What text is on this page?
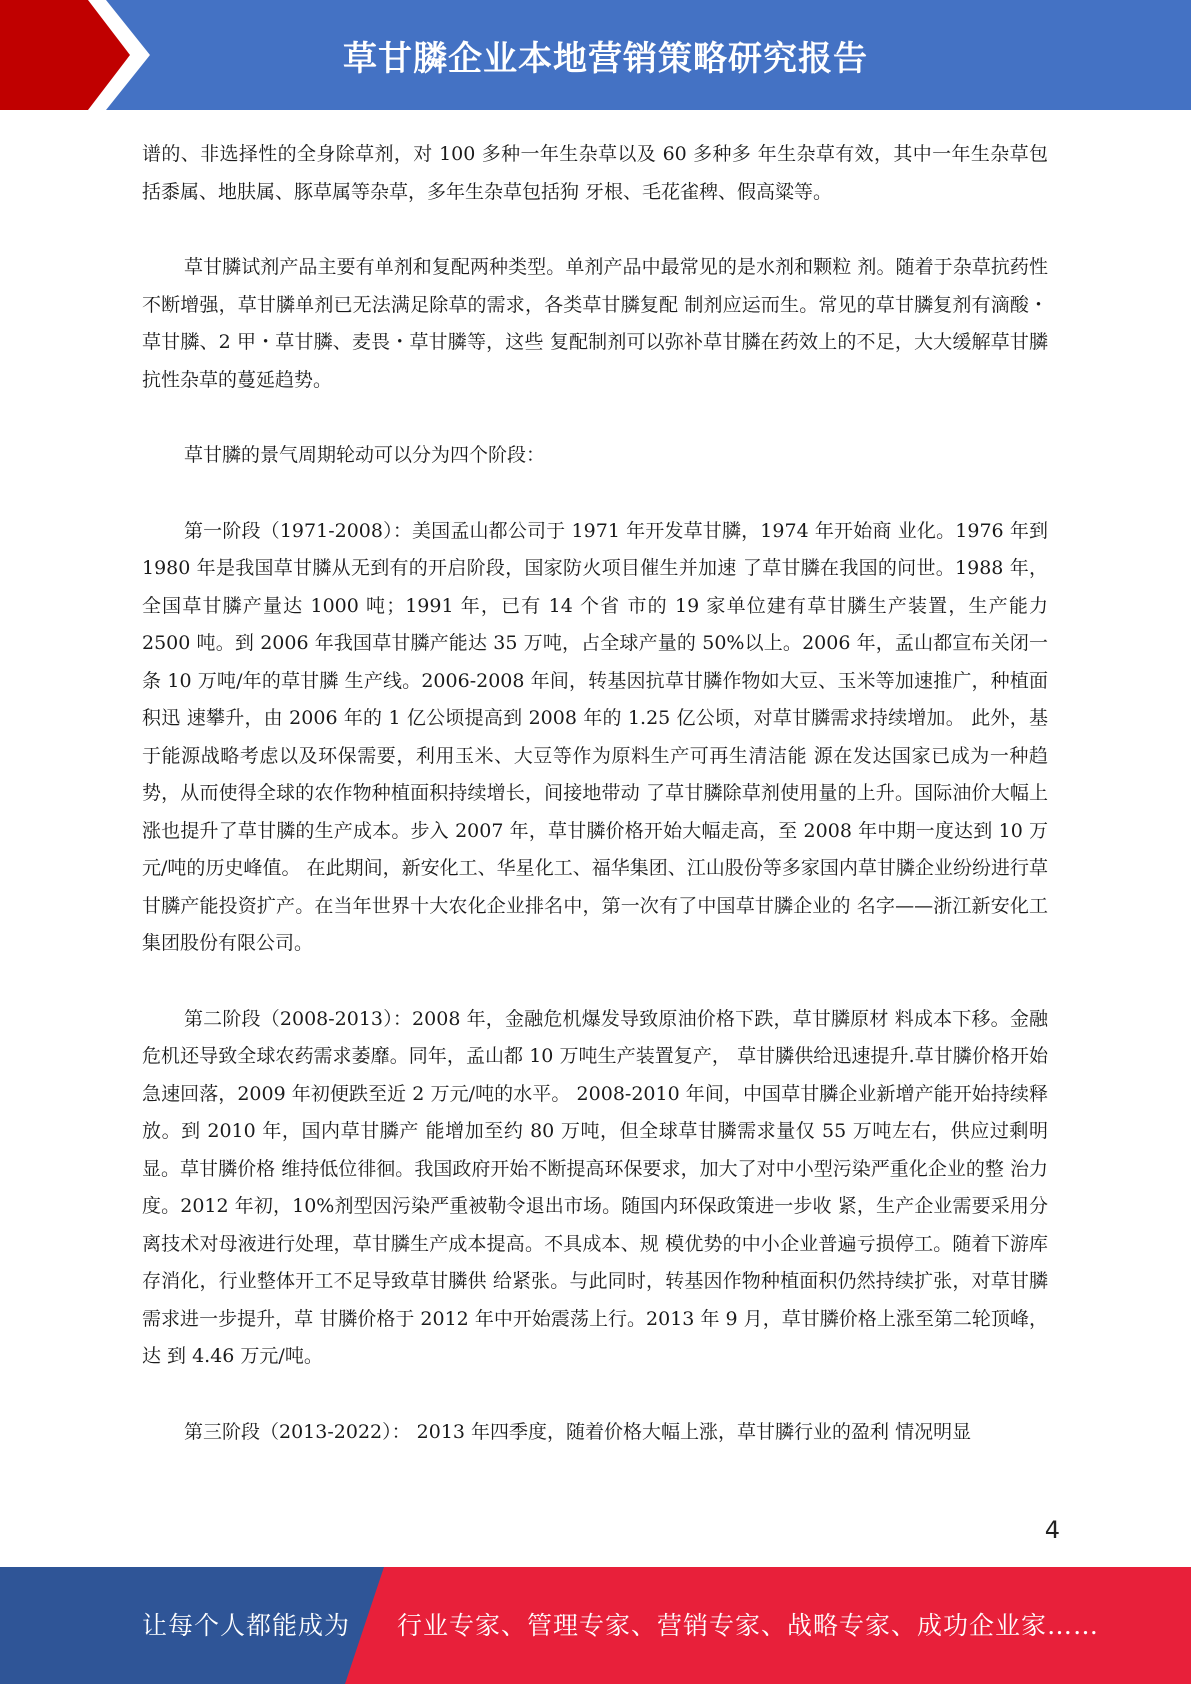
草甘膦企业本地营销策略研究报告

谱的、非选择性的全身除草剂，对 100 多种一年生杂草以及 60 多种多 年生杂草有效，其中一年生杂草包括黍属、地肤属、豚草属等杂草，多年生杂草包括狗 牙根、毛花雀稗、假高粱等。

草甘膦试剂产品主要有单剂和复配两种类型。单剂产品中最常见的是水剂和颗粒 剂。随着于杂草抗药性不断增强，草甘膦单剂已无法满足除草的需求，各类草甘膦复配 制剂应运而生。常见的草甘膦复剂有滴酸・草甘膦、2 甲・草甘膦、麦畏・草甘膦等，这些 复配制剂可以弥补草甘膦在药效上的不足，大大缓解草甘膦抗性杂草的蔓延趋势。

草甘膦的景气周期轮动可以分为四个阶段：

第一阶段（1971-2008）：美国孟山都公司于 1971 年开发草甘膦，1974 年开始商 业化。1976 年到 1980 年是我国草甘膦从无到有的开启阶段，国家防火项目催生并加速 了草甘膦在我国的问世。1988 年，全国草甘膦产量达 1000 吨；1991 年，已有 14 个省 市的 19 家单位建有草甘膦生产装置，生产能力 2500 吨。到 2006 年我国草甘膦产能达 35 万吨，占全球产量的 50%以上。2006 年，孟山都宣布关闭一条 10 万吨/年的草甘膦 生产线。2006-2008 年间，转基因抗草甘膦作物如大豆、玉米等加速推广，种植面积迅 速攀升，由 2006 年的 1 亿公顷提高到 2008 年的 1.25 亿公顷，对草甘膦需求持续增加。 此外，基于能源战略考虑以及环保需要，利用玉米、大豆等作为原料生产可再生清洁能 源在发达国家已成为一种趋势，从而使得全球的农作物种植面积持续增长，间接地带动 了草甘膦除草剂使用量的上升。国际油价大幅上涨也提升了草甘膦的生产成本。步入 2007 年，草甘膦价格开始大幅走高，至 2008 年中期一度达到 10 万元/吨的历史峰值。 在此期间，新安化工、华星化工、福华集团、江山股份等多家国内草甘膦企业纷纷进行草甘膦产能投资扩产。在当年世界十大农化企业排名中，第一次有了中国草甘膦企业的 名字——浙江新安化工集团股份有限公司。

第二阶段（2008-2013）：2008 年，金融危机爆发导致原油价格下跌，草甘膦原材 料成本下移。金融危机还导致全球农药需求萎靡。同年，孟山都 10 万吨生产装置复产， 草甘膦供给迅速提升.草甘膦价格开始急速回落，2009 年初便跌至近 2 万元/吨的水平。 2008-2010 年间，中国草甘膦企业新增产能开始持续释放。到 2010 年，国内草甘膦产 能增加至约 80 万吨，但全球草甘膦需求量仅 55 万吨左右，供应过剩明显。草甘膦价格 维持低位徘徊。我国政府开始不断提高环保要求，加大了对中小型污染严重化企业的整 治力度。2012 年初，10%剂型因污染严重被勒令退出市场。随国内环保政策进一步收 紧，生产企业需要采用分离技术对母液进行处理，草甘膦生产成本提高。不具成本、规 模优势的中小企业普遍亏损停工。随着下游库存消化，行业整体开工不足导致草甘膦供 给紧张。与此同时，转基因作物种植面积仍然持续扩张，对草甘膦需求进一步提升，草 甘膦价格于 2012 年中开始震荡上行。2013 年 9 月，草甘膦价格上涨至第二轮顶峰，达 到 4.46 万元/吨。

第三阶段（2013-2022）： 2013 年四季度，随着价格大幅上涨，草甘膦行业的盈利 情况明显

4
让每个人都能成为 行业专家、管理专家、营销专家、战略专家、成功企业家……
